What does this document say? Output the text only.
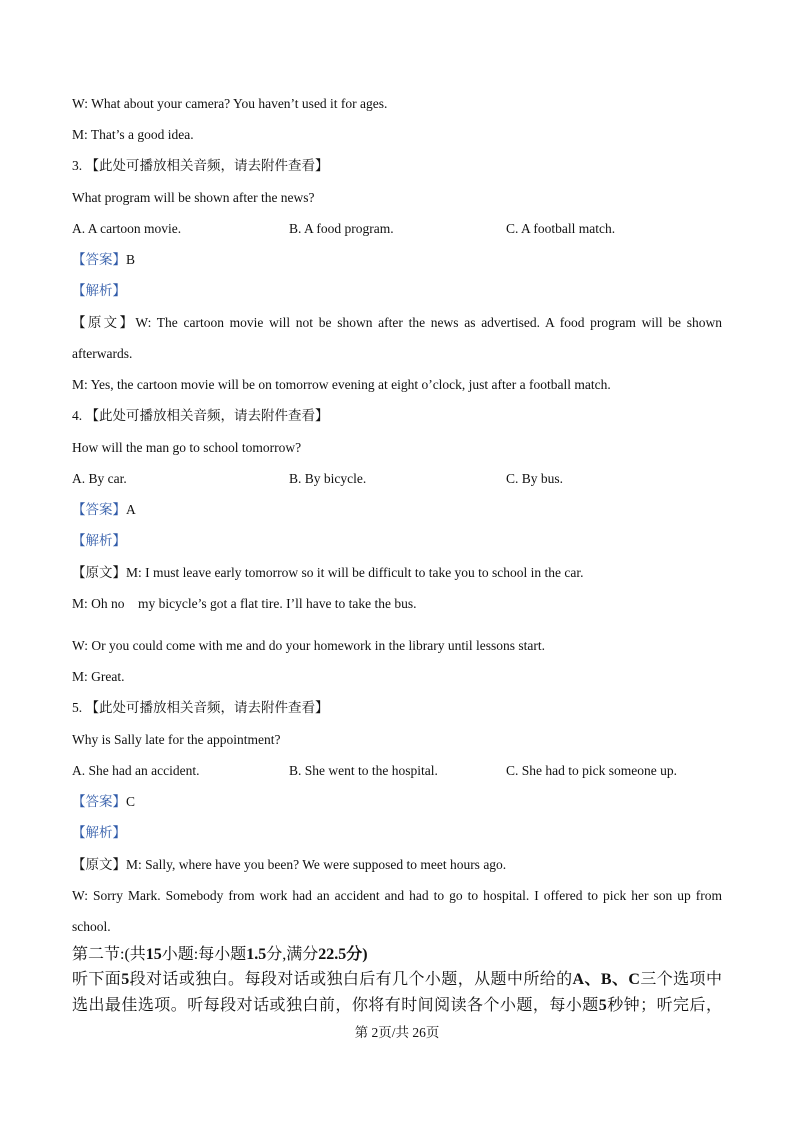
W: What about your camera? You haven’t used it for ages.
M: That’s a good idea.
3. 【此处可播放相关音频，请去附件查看】
What program will be shown after the news?
A. A cartoon movie.	B. A food program.	C. A football match.
【答案】B
【解析】
【原文】W: The cartoon movie will not be shown after the news as advertised. A food program will be shown
afterwards.
M: Yes, the cartoon movie will be on tomorrow evening at eight o’clock, just after a football match.
4. 【此处可播放相关音频，请去附件查看】
How will the man go to school tomorrow?
A. By car.	B. By bicycle.	C. By bus.
【答案】A
【解析】
【原文】M: I must leave early tomorrow so it will be difficult to take you to school in the car.
M: Oh no    my bicycle’s got a flat tire. I’ll have to take the bus.
W: Or you could come with me and do your homework in the library until lessons start.
M: Great.
5. 【此处可播放相关音频，请去附件查看】
Why is Sally late for the appointment?
A. She had an accident.	B. She went to the hospital.	C. She had to pick someone up.
【答案】C
【解析】
【原文】M: Sally, where have you been? We were supposed to meet hours ago.
W: Sorry Mark. Somebody from work had an accident and had to go to hospital. I offered to pick her son up from
school.
第二节:(共15小题:每小题1.5分,满分22.5分)
听下面5段对话或独白。每段对话或独白后有几个小题，从题中所给的A、B、C三个选项中
选出最佳选项。听每段对话或独白前，你将有时间阅读各个小题，每小题5秒钟；听完后，
第 2页/共 26页
